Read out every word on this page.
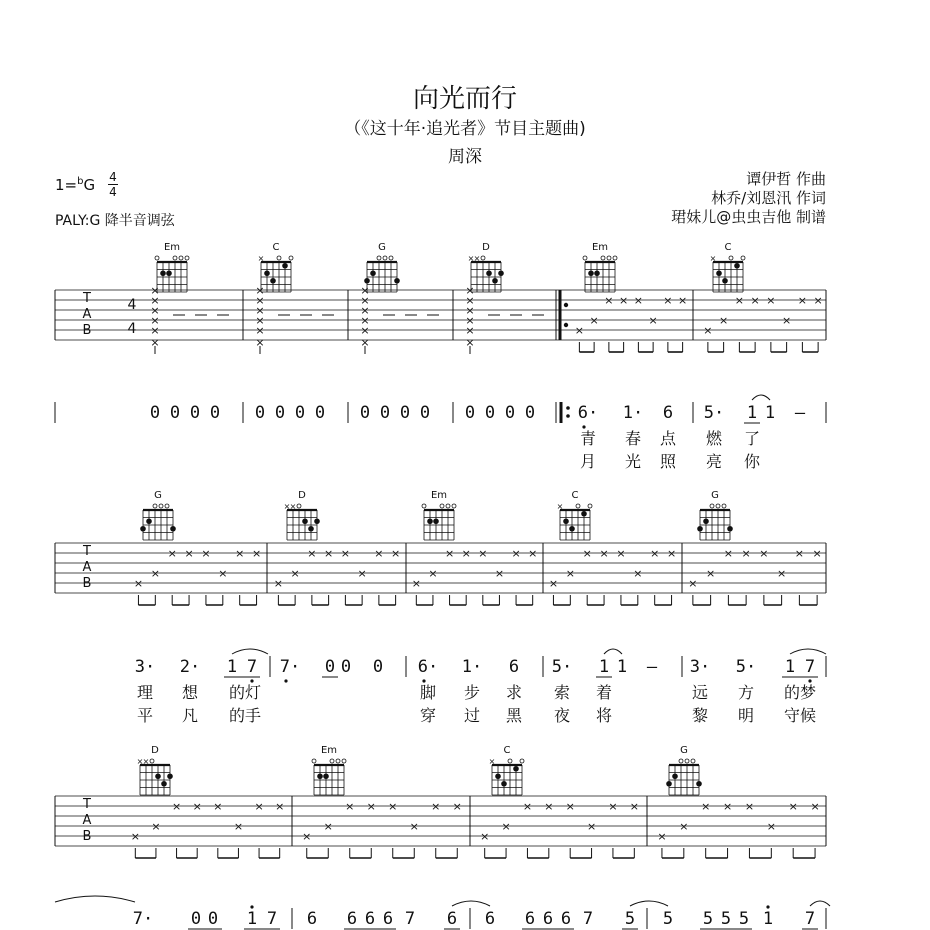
向光而行
（《这十年·追光者》节目主题曲)
周深
1=$^b$G 4
4
PALY:G 降半音调弦
谭伊哲 作曲
林乔/刘恩汛 作词
珺妹儿@虫虫吉他 制谱
Em	C
×
G	D
× ×
Em	C
×
G	D
× ×
Em	C
×
G
D
× ×
Em	C
×
G
T
A
B
4
4
×
×
×
×
×
×
×
×
×
×
×
×
×
×
×
×
×
×
×
×
×
×
×
×
×
×
× × ×
×
× ×
×
×
× × ×
×
× ×
T
A
B	×
×
× × ×
×
× ×
×
×
× × ×
×
× ×
×
×
× × ×
×
× ×
×
×
× × ×
×
× ×
×
×
× × ×
×
× ×
T
A
B	×
×
× × ×
×
× ×
×
×
× × ×
×
× ×
×
×
× × ×
×
× ×
×
×
× × ×
×
× ×
0 0 0 0 0 0 0 0 0 0 0 0 0 0 0 0	6· 1· 6 5· 1 1 —
3· 2· 1 7 7· 0 0 0 6· 1· 6 5· 1 1 — 3· 5· 1 7
7· 0 0 1 7 6 6 6 6 7 6 6 6 6 6 7 5 5 5 5 5 1 7
青 春 点 燃 了
月 光 照 亮 你
理 想 的灯	脚 步 求 索 着	远 方 的梦
平 凡 的手	穿 过 黑 夜 将	黎 明 守候
